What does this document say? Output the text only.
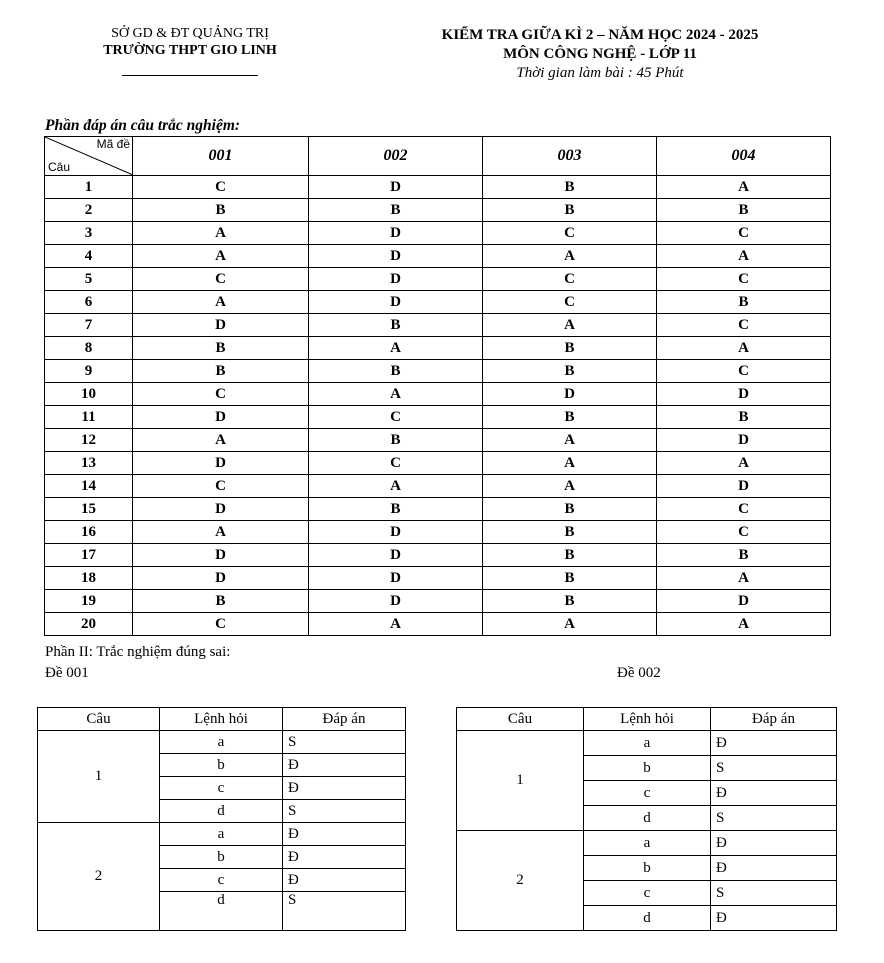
SỞ GD & ĐT QUẢNG TRỊ
TRƯỜNG THPT GIO LINH
KIỂM TRA GIỮA KÌ 2 – NĂM HỌC 2024 - 2025
MÔN CÔNG NGHỆ - LỚP 11
Thời gian làm bài : 45 Phút
Phần đáp án câu trắc nghiệm:
Mã đề
Câu	001	002	003	004
1	C	D	B	A
2	B	B	B	B
3	A	D	C	C
4	A	D	A	A
5	C	D	C	C
6	A	D	C	B
7	D	B	A	C
8	B	A	B	A
9	B	B	B	C
10	C	A	D	D
11	D	C	B	B
12	A	B	A	D
13	D	C	A	A
14	C	A	A	D
15	D	B	B	C
16	A	D	B	C
17	D	D	B	B
18	D	D	B	A
19	B	D	B	D
20	C	A	A	A
Phần II: Trắc nghiệm đúng sai:
Đề 001	Đề 002
Câu	Lệnh hỏi	Đáp án
1	a	S
	b	Đ
	c	Đ
	d	S
2	a	Đ
	b	Đ
	c	Đ
	d	S
Câu	Lệnh hỏi	Đáp án
1	a	Đ
	b	S
	c	Đ
	d	S
2	a	Đ
	b	Đ
	c	S
	d	Đ
